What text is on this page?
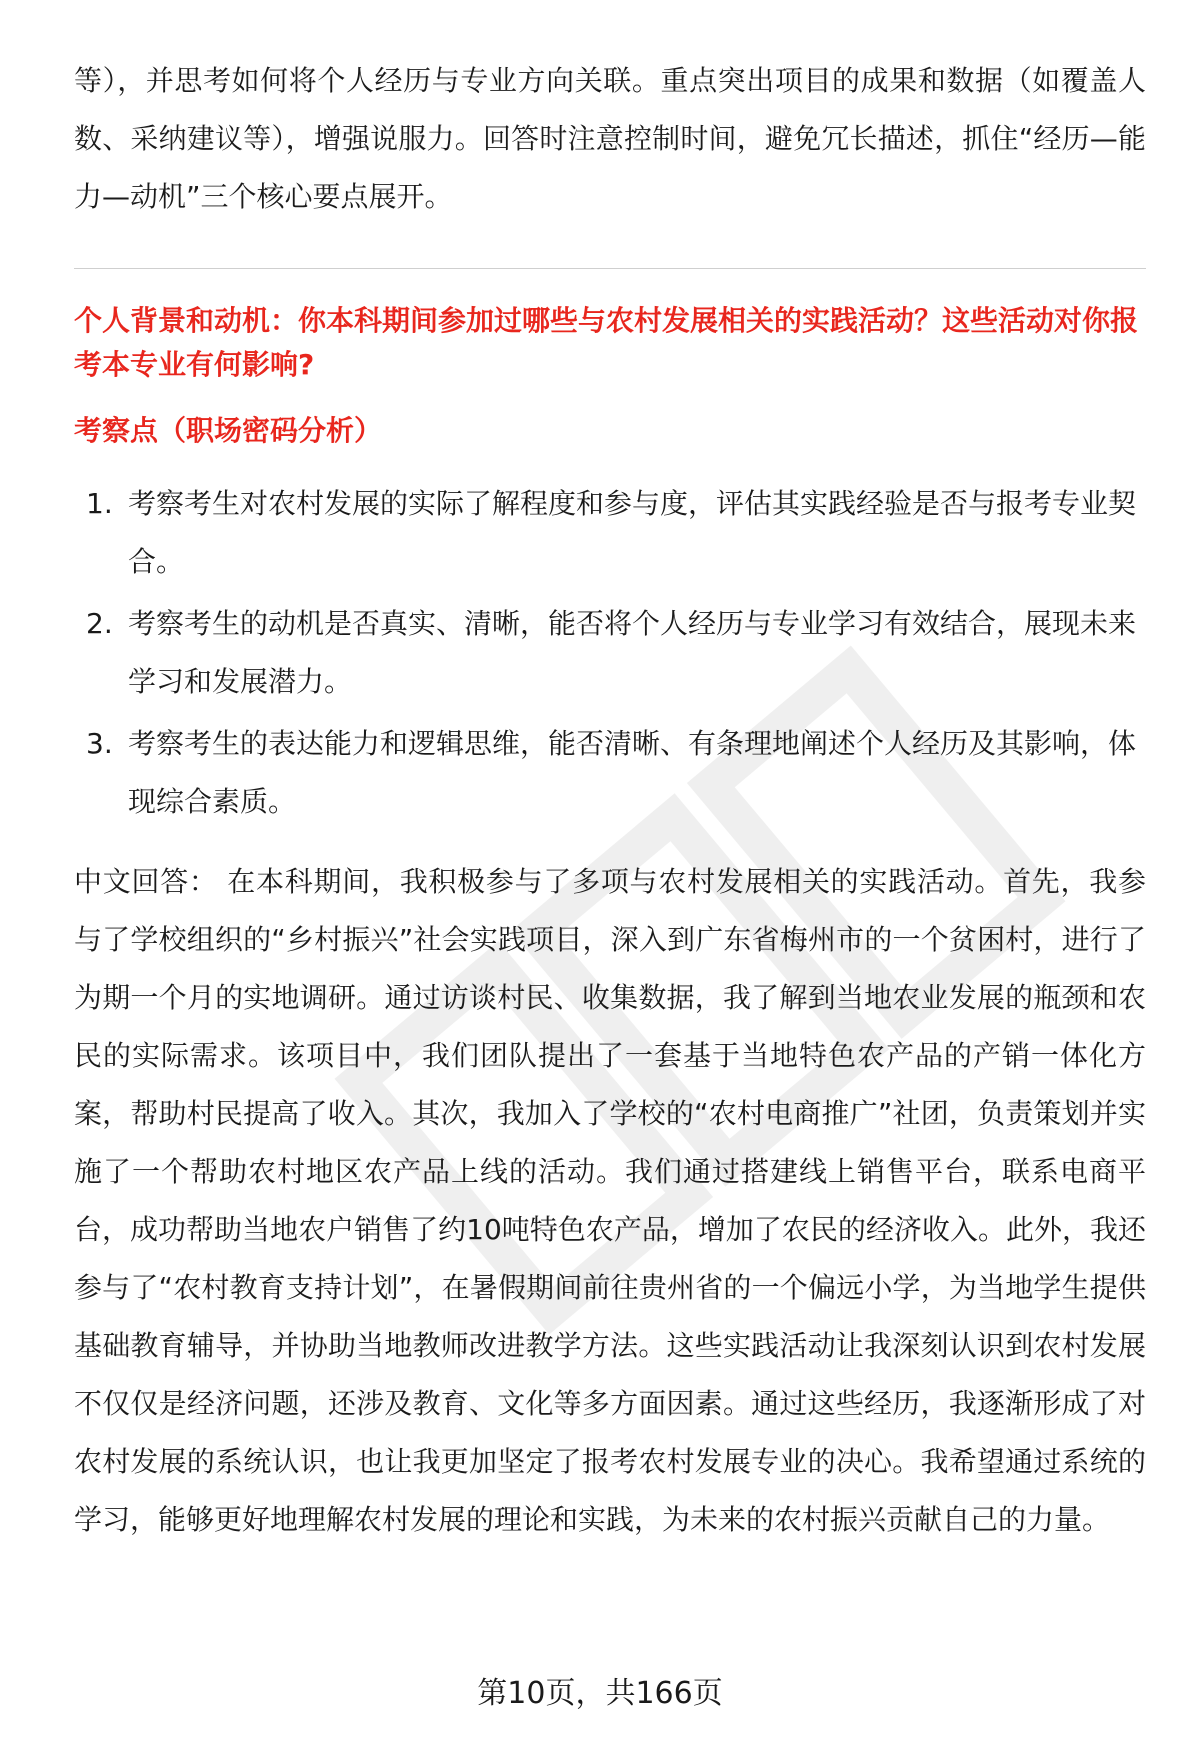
等），并思考如何将个人经历与专业方向关联。重点突出项目的成果和数据（如覆盖人数、采纳建议等），增强说服力。回答时注意控制时间，避免冗长描述，抓住“经历—能力—动机”三个核心要点展开。

个人背景和动机：你本科期间参加过哪些与农村发展相关的实践活动？这些活动对你报考本专业有何影响?

考察点（职场密码分析）

1. 考察考生对农村发展的实际了解程度和参与度，评估其实践经验是否与报考专业契合。
2. 考察考生的动机是否真实、清晰，能否将个人经历与专业学习有效结合，展现未来学习和发展潜力。
3. 考察考生的表达能力和逻辑思维，能否清晰、有条理地阐述个人经历及其影响，体现综合素质。

中文回答： 在本科期间，我积极参与了多项与农村发展相关的实践活动。首先，我参与了学校组织的“乡村振兴”社会实践项目，深入到广东省梅州市的一个贫困村，进行了为期一个月的实地调研。通过访谈村民、收集数据，我了解到当地农业发展的瓶颈和农民的实际需求。该项目中，我们团队提出了一套基于当地特色农产品的产销一体化方案，帮助村民提高了收入。其次，我加入了学校的“农村电商推广”社团，负责策划并实施了一个帮助农村地区农产品上线的活动。我们通过搭建线上销售平台，联系电商平台，成功帮助当地农户销售了约10吨特色农产品，增加了农民的经济收入。此外，我还参与了“农村教育支持计划”，在暑假期间前往贵州省的一个偏远小学，为当地学生提供基础教育辅导，并协助当地教师改进教学方法。这些实践活动让我深刻认识到农村发展不仅仅是经济问题，还涉及教育、文化等多方面因素。通过这些经历，我逐渐形成了对农村发展的系统认识，也让我更加坚定了报考农村发展专业的决心。我希望通过系统的学习，能够更好地理解农村发展的理论和实践，为未来的农村振兴贡献自己的力量。

第10页，共166页
